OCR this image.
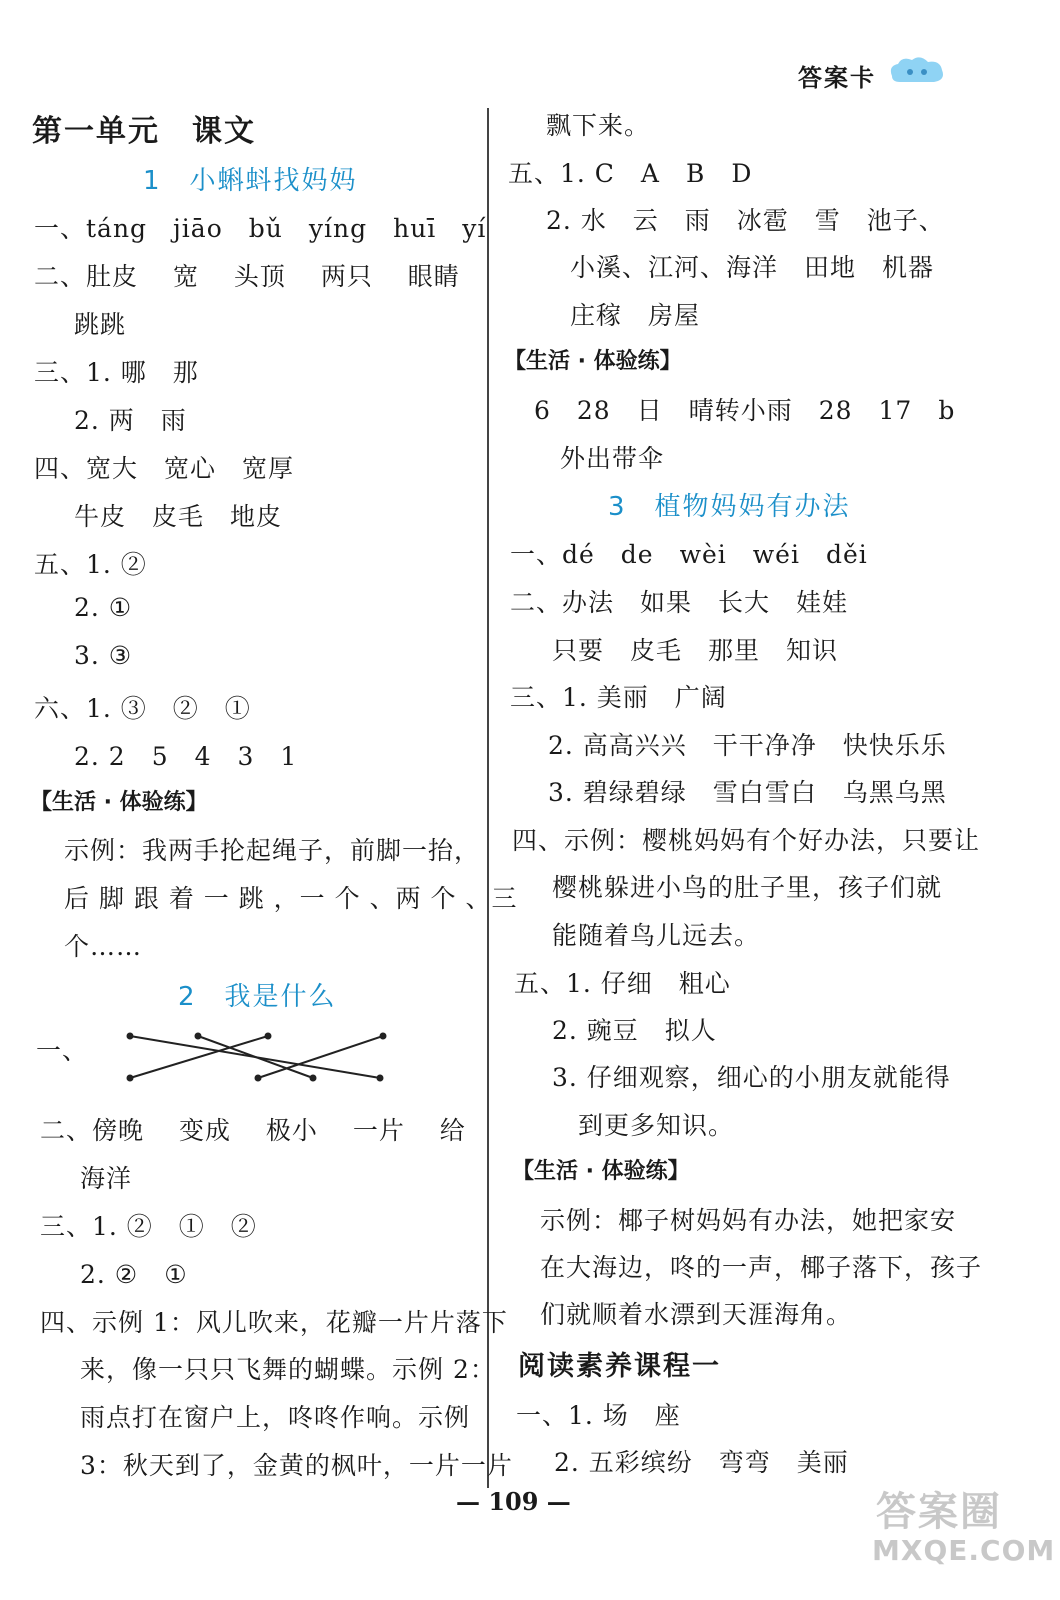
答案卡
第一单元　课文
1　小蝌蚪找妈妈
一、táng　jiāo　bǔ　yíng　huī　yí
二、肚皮　 宽　 头顶　 两只　 眼睛
跳跳
三、1. 哪　那
2. 两　雨
四、宽大　宽心　宽厚
牛皮　皮毛　地皮
五、1. ②
2. ①
3. ③
六、1. ③　②　①
2. 2　5　4　3　1
【生活 · 体验练】
示例：我两手抡起绳子，前脚一抬，
后 脚 跟 着 一 跳 ，一 个 、两 个 、三
个……
2　我是什么
一、
二、傍晚　 变成　 极小　 一片　 给
海洋
三、1. ②　①　②
2. ②　①
四、示例 1：风儿吹来，花瓣一片片落下
来，像一只只飞舞的蝴蝶。示例 2：
雨点打在窗户上，咚咚作响。示例
3：秋天到了，金黄的枫叶，一片一片
飘下来。
五、1. C　A　B　D
2. 水　云　雨　冰雹　雪　池子、
小溪、江河、海洋　田地　机器
庄稼　房屋
【生活 · 体验练】
6　28　日　晴转小雨　28　17　b
外出带伞
3　植物妈妈有办法
一、dé　de　wèi　wéi　děi
二、办法　如果　长大　娃娃
只要　皮毛　那里　知识
三、1. 美丽　广阔
2. 高高兴兴　干干净净　快快乐乐
3. 碧绿碧绿　雪白雪白　乌黑乌黑
四、示例：樱桃妈妈有个好办法，只要让
樱桃躲进小鸟的肚子里，孩子们就
能随着鸟儿远去。
五、1. 仔细　粗心
2. 豌豆　拟人
3. 仔细观察，细心的小朋友就能得
到更多知识。
【生活 · 体验练】
示例：椰子树妈妈有办法，她把家安
在大海边，咚的一声，椰子落下，孩子
们就顺着水漂到天涯海角。
阅读素养课程一
一、1. 场　座
2. 五彩缤纷　弯弯　美丽
— 109 —	答案圈
MXQE.COM
